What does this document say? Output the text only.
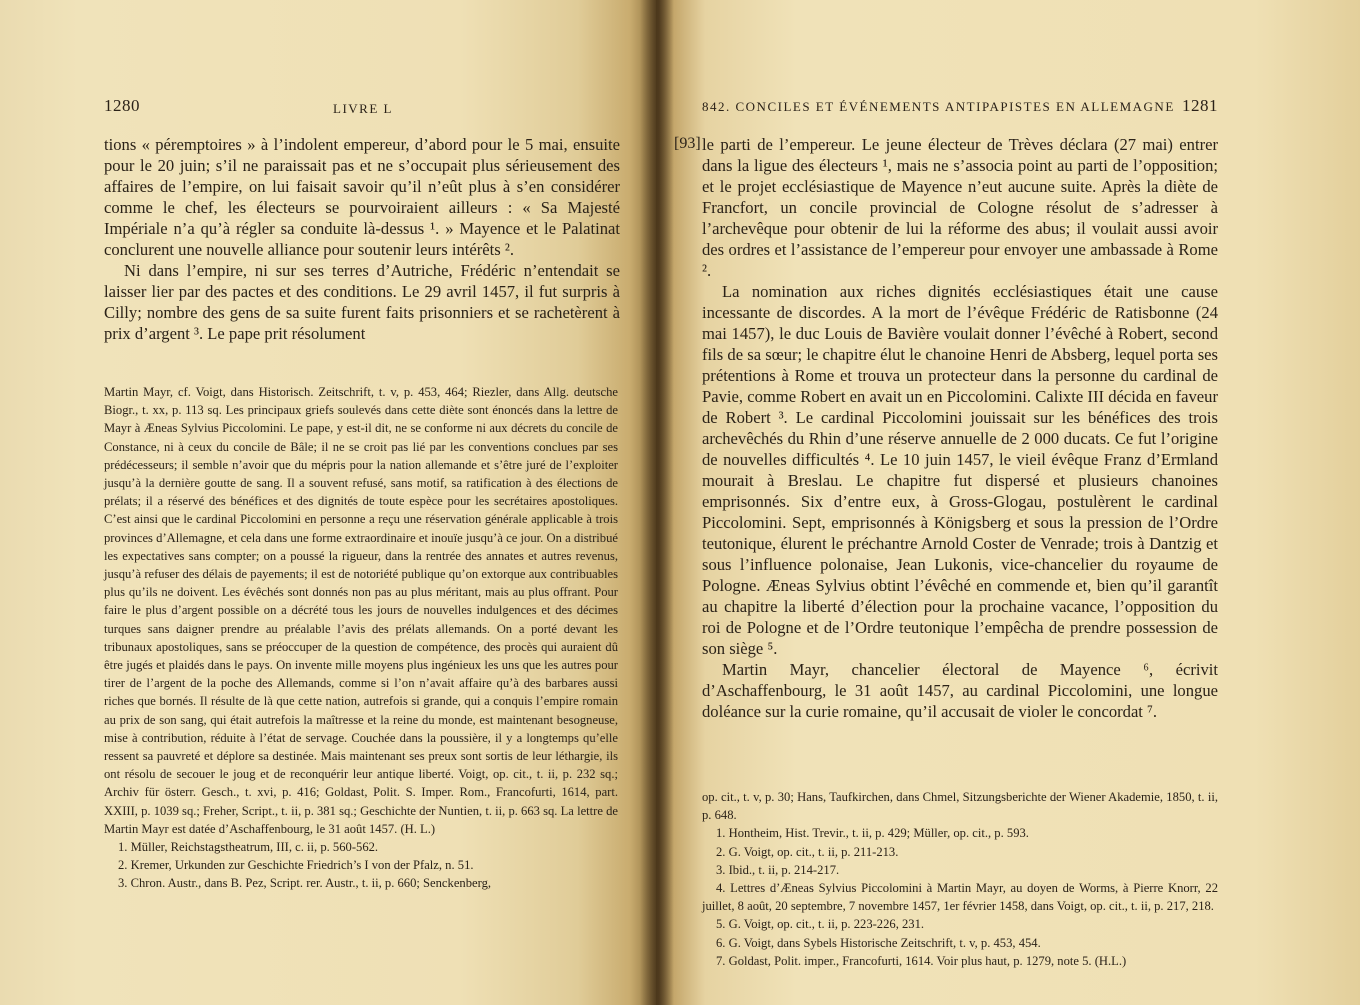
1280	LIVRE L

tions « péremptoires » à l’indolent empereur, d’abord pour le 5 mai, ensuite pour le 20 juin; s’il ne paraissait pas et ne s’occupait plus sérieusement des affaires de l’empire, on lui faisait savoir qu’il n’eût plus à s’en considérer comme le chef, les électeurs se pourvoiraient ailleurs : « Sa Majesté Impériale n’a qu’à régler sa conduite là-dessus ¹. » Mayence et le Palatinat conclurent une nouvelle alliance pour soutenir leurs intérêts ².

Ni dans l’empire, ni sur ses terres d’Autriche, Frédéric n’entendait se laisser lier par des pactes et des conditions. Le 29 avril 1457, il fut surpris à Cilly; nombre des gens de sa suite furent faits prisonniers et se rachetèrent à prix d’argent ³. Le pape prit résolument

Martin Mayr, cf. Voigt, dans Historisch. Zeitschrift, t. v, p. 453, 464; Riezler, dans Allg. deutsche Biogr., t. xx, p. 113 sq. Les principaux griefs soulevés dans cette diète sont énoncés dans la lettre de Mayr à Æneas Sylvius Piccolomini. Le pape, y est-il dit, ne se conforme ni aux décrets du concile de Constance, ni à ceux du concile de Bâle; il ne se croit pas lié par les conventions conclues par ses prédécesseurs; il semble n’avoir que du mépris pour la nation allemande et s’être juré de l’exploiter jusqu’à la dernière goutte de sang. Il a souvent refusé, sans motif, sa ratification à des élections de prélats; il a réservé des bénéfices et des dignités de toute espèce pour les secrétaires apostoliques. C’est ainsi que le cardinal Piccolomini en personne a reçu une réservation générale applicable à trois provinces d’Allemagne, et cela dans une forme extraordinaire et inouïe jusqu’à ce jour. On a distribué les expectatives sans compter; on a poussé la rigueur, dans la rentrée des annates et autres revenus, jusqu’à refuser des délais de payements; il est de notoriété publique qu’on extorque aux contribuables plus qu’ils ne doivent. Les évêchés sont donnés non pas au plus méritant, mais au plus offrant. Pour faire le plus d’argent possible on a décrété tous les jours de nouvelles indulgences et des décimes turques sans daigner prendre au préalable l’avis des prélats allemands. On a porté devant les tribunaux apostoliques, sans se préoccuper de la question de compétence, des procès qui auraient dû être jugés et plaidés dans le pays. On invente mille moyens plus ingénieux les uns que les autres pour tirer de l’argent de la poche des Allemands, comme si l’on n’avait affaire qu’à des barbares aussi riches que bornés. Il résulte de là que cette nation, autrefois si grande, qui a conquis l’empire romain au prix de son sang, qui était autrefois la maîtresse et la reine du monde, est maintenant besogneuse, mise à contribution, réduite à l’état de servage. Couchée dans la poussière, il y a longtemps qu’elle ressent sa pauvreté et déplore sa destinée. Mais maintenant ses preux sont sortis de leur léthargie, ils ont résolu de secouer le joug et de reconquérir leur antique liberté. Voigt, op. cit., t. ii, p. 232 sq.; Archiv für österr. Gesch., t. xvi, p. 416; Goldast, Polit. S. Imper. Rom., Francofurti, 1614, part. XXIII, p. 1039 sq.; Freher, Script., t. ii, p. 381 sq.; Geschichte der Nuntien, t. ii, p. 663 sq. La lettre de Martin Mayr est datée d’Aschaffenbourg, le 31 août 1457. (H. L.)

1. Müller, Reichstagstheatrum, III, c. ii, p. 560-562.

2. Kremer, Urkunden zur Geschichte Friedrich’s I von der Pfalz, n. 51.

3. Chron. Austr., dans B. Pez, Script. rer. Austr., t. ii, p. 660; Senckenberg,

842. CONCILES ET ÉVÉNEMENTS ANTIPAPISTES EN ALLEMAGNE 1281
[93] le parti de l’empereur. Le jeune électeur de Trèves déclara (27 mai) entrer dans la ligue des électeurs ¹, mais ne s’associa point au parti de l’opposition; et le projet ecclésiastique de Mayence n’eut aucune suite. Après la diète de Francfort, un concile provincial de Cologne résolut de s’adresser à l’archevêque pour obtenir de lui la réforme des abus; il voulait aussi avoir des ordres et l’assistance de l’empereur pour envoyer une ambassade à Rome ².

La nomination aux riches dignités ecclésiastiques était une cause incessante de discordes. A la mort de l’évêque Frédéric de Ratisbonne (24 mai 1457), le duc Louis de Bavière voulait donner l’évêché à Robert, second fils de sa sœur; le chapitre élut le chanoine Henri de Absberg, lequel porta ses prétentions à Rome et trouva un protecteur dans la personne du cardinal de Pavie, comme Robert en avait un en Piccolomini. Calixte III décida en faveur de Robert ³. Le cardinal Piccolomini jouissait sur les bénéfices des trois archevêchés du Rhin d’une réserve annuelle de 2 000 ducats. Ce fut l’origine de nouvelles difficultés ⁴. Le 10 juin 1457, le vieil évêque Franz d’Ermland mourait à Breslau. Le chapitre fut dispersé et plusieurs chanoines emprisonnés. Six d’entre eux, à Gross-Glogau, postulèrent le cardinal Piccolomini. Sept, emprisonnés à Königsberg et sous la pression de l’Ordre teutonique, élurent le préchantre Arnold Coster de Venrade; trois à Dantzig et sous l’influence polonaise, Jean Lukonis, vice-chancelier du royaume de Pologne. Æneas Sylvius obtint l’évêché en commende et, bien qu’il garantît au chapitre la liberté d’élection pour la prochaine vacance, l’opposition du roi de Pologne et de l’Ordre teutonique l’empêcha de prendre possession de son siège ⁵.

Martin Mayr, chancelier électoral de Mayence ⁶, écrivit d’Aschaffenbourg, le 31 août 1457, au cardinal Piccolomini, une longue doléance sur la curie romaine, qu’il accusait de violer le concordat ⁷.

op. cit., t. v, p. 30; Hans, Taufkirchen, dans Chmel, Sitzungsberichte der Wiener Akademie, 1850, t. ii, p. 648.

1. Hontheim, Hist. Trevir., t. ii, p. 429; Müller, op. cit., p. 593.

2. G. Voigt, op. cit., t. ii, p. 211-213.

3. Ibid., t. ii, p. 214-217.

4. Lettres d’Æneas Sylvius Piccolomini à Martin Mayr, au doyen de Worms, à Pierre Knorr, 22 juillet, 8 août, 20 septembre, 7 novembre 1457, 1er février 1458, dans Voigt, op. cit., t. ii, p. 217, 218.

5. G. Voigt, op. cit., t. ii, p. 223-226, 231.

6. G. Voigt, dans Sybels Historische Zeitschrift, t. v, p. 453, 454.

7. Goldast, Polit. imper., Francofurti, 1614. Voir plus haut, p. 1279, note 5. (H.L.)
